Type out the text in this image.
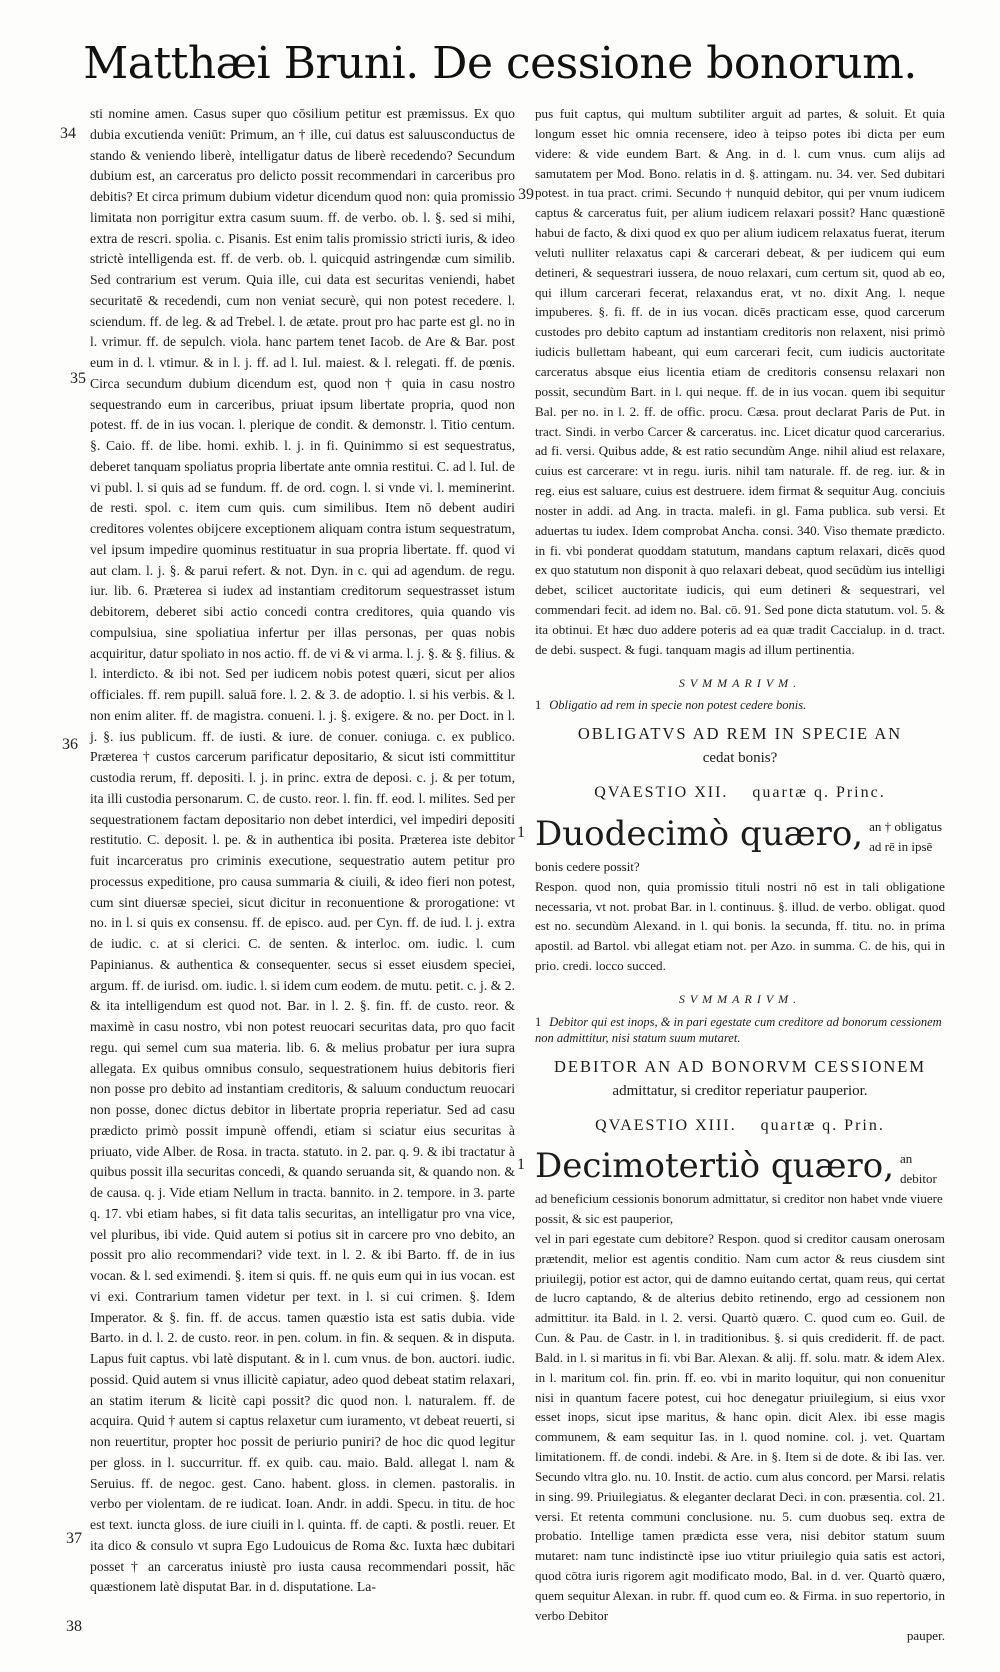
Matthæi Bruni. De cessione bonorum.
34
35
36
37
38

sti nomine amen. Casus super quo cōsilium petitur est præmissus. Ex quo dubia excutienda veniūt: Primum, an † ille, cui datus est saluusconductus de stando & veniendo liberè, intelligatur datus de liberè recedendo? Secundum dubium est, an carceratus pro delicto possit recommendari in carceribus pro debitis? Et circa primum dubium videtur dicendum quod non: quia promissio limitata non porrigitur extra casum suum. ff. de verbo. ob. l. §. sed si mihi, extra de rescri. spolia. c. Pisanis. Est enim talis promissio stricti iuris, & ideo strictè intelligenda est. ff. de verb. ob. l. quicquid astringendæ cum similib. Sed contrarium est verum. Quia ille, cui data est securitas veniendi, habet securitatē & recedendi, cum non veniat securè, qui non potest recedere. l. sciendum. ff. de leg. & ad Trebel. l. de ætate. prout pro hac parte est gl. no in l. vrimur. ff. de sepulch. viola. hanc partem tenet Iacob. de Are & Bar. post eum in d. l. vtimur. & in l. j. ff. ad l. Iul. maiest. & l. relegati. ff. de pœnis. Circa secundum dubium dicendum est, quod non † quia in casu nostro sequestrando eum in carceribus, priuat ipsum libertate propria, quod non potest. ff. de in ius vocan. l. plerique de condit. & demonstr. l. Titio centum. §. Caio. ff. de libe. homi. exhib. l. j. in fi. Quinimmo si est sequestratus, deberet tanquam spoliatus propria libertate ante omnia restitui. C. ad l. Iul. de vi publ. l. si quis ad se fundum. ff. de ord. cogn. l. si vnde vi. l. meminerint. de resti. spol. c. item cum quis. cum similibus. Item nō debent audiri creditores volentes obijcere exceptionem aliquam contra istum sequestratum, vel ipsum impedire quominus restituatur in sua propria libertate. ff. quod vi aut clam. l. j. §. & parui refert. & not. Dyn. in c. qui ad agendum. de regu. iur. lib. 6. Præterea si iudex ad instantiam creditorum sequestrasset istum debitorem, deberet sibi actio concedi contra creditores, quia quando vis compulsiua, sine spoliatiua infertur per illas personas, per quas nobis acquiritur, datur spoliato in nos actio. ff. de vi & vi arma. l. j. §. & §. filius. & l. interdicto. & ibi not. Sed per iudicem nobis potest quæri, sicut per alios officiales. ff. rem pupill. saluā fore. l. 2. & 3. de adoptio. l. si his verbis. & l. non enim aliter. ff. de magistra. conueni. l. j. §. exigere. & no. per Doct. in l. j. §. ius publicum. ff. de iusti. & iure. de conuer. coniuga. c. ex publico. Præterea † custos carcerum parificatur depositario, & sicut isti committitur custodia rerum, ff. depositi. l. j. in princ. extra de deposi. c. j. & per totum, ita illi custodia personarum. C. de custo. reor. l. fin. ff. eod. l. milites. Sed per sequestrationem factam depositario non debet interdici, vel impediri depositi restitutio. C. deposit. l. pe. & in authentica ibi posita. Præterea iste debitor fuit incarceratus pro criminis executione, sequestratio autem petitur pro processus expeditione, pro causa summaria & ciuili, & ideo fieri non potest, cum sint diuersæ speciei, sicut dicitur in reconuentione & prorogatione: vt no. in l. si quis ex consensu. ff. de episco. aud. per Cyn. ff. de iud. l. j. extra de iudic. c. at si clerici. C. de senten. & interloc. om. iudic. l. cum Papinianus. & authentica & consequenter. secus si esset eiusdem speciei, argum. ff. de iurisd. om. iudic. l. si idem cum eodem. de mutu. petit. c. j. & 2. & ita intelligendum est quod not. Bar. in l. 2. §. fin. ff. de custo. reor. & maximè in casu nostro, vbi non potest reuocari securitas data, pro quo facit regu. qui semel cum sua materia. lib. 6. & melius probatur per iura supra allegata. Ex quibus omnibus consulo, sequestrationem huius debitoris fieri non posse pro debito ad instantiam creditoris, & saluum conductum reuocari non posse, donec dictus debitor in libertate propria reperiatur. Sed ad casu prædicto primò possit impunè offendi, etiam si sciatur eius securitas à priuato, vide Alber. de Rosa. in tracta. statuto. in 2. par. q. 9. & ibi tractatur à quibus possit illa securitas concedi, & quando seruanda sit, & quando non. & de causa. q. j. Vide etiam Nellum in tracta. bannito. in 2. tempore. in 3. parte q. 17. vbi etiam habes, si fit data talis securitas, an intelligatur pro vna vice, vel pluribus, ibi vide. Quid autem si potius sit in carcere pro vno debito, an possit pro alio recommendari? vide text. in l. 2. & ibi Barto. ff. de in ius vocan. & l. sed eximendi. §. item si quis. ff. ne quis eum qui in ius vocan. est vi exi. Contrarium tamen videtur per text. in l. si cui crimen. §. Idem Imperator. & §. fin. ff. de accus. tamen quæstio ista est satis dubia. vide Barto. in d. l. 2. de custo. reor. in pen. colum. in fin. & sequen. & in disputa. Lapus fuit captus. vbi latè disputant. & in l. cum vnus. de bon. auctori. iudic. possid. Quid autem si vnus illicitè capiatur, adeo quod debeat statim relaxari, an statim iterum & licitè capi possit? dic quod non. l. naturalem. ff. de acquira. Quid † autem si captus relaxetur cum iuramento, vt debeat reuerti, si non reuertitur, propter hoc possit de periurio puniri? de hoc dic quod legitur per gloss. in l. succurritur. ff. ex quib. cau. maio. Bald. allegat l. nam & Seruius. ff. de negoc. gest. Cano. habent. gloss. in clemen. pastoralis. in verbo per violentam. de re iudicat. Ioan. Andr. in addi. Specu. in titu. de hoc est text. iuncta gloss. de iure ciuili in l. quinta. ff. de capti. & postli. reuer. Et ita dico & consulo vt supra Ego Ludouicus de Roma &c. Iuxta hæc dubitari posset † an carceratus iniustè pro iusta causa recommendari possit, hāc quæstionem latè disputat Bar. in d. disputatione. La-

39

pus fuit captus, qui multum subtiliter arguit ad partes, & soluit. Et quia longum esset hic omnia recensere, ideo à teipso potes ibi dicta per eum videre: & vide eundem Bart. & Ang. in d. l. cum vnus. cum alijs ad samutatem per Mod. Bono. relatis in d. §. attingam. nu. 34. ver. Sed dubitari potest. in tua pract. crimi. Secundo † nunquid debitor, qui per vnum iudicem captus & carceratus fuit, per alium iudicem relaxari possit? Hanc quæstionē habui de facto, & dixi quod ex quo per alium iudicem relaxatus fuerat, iterum veluti nulliter relaxatus capi & carcerari debeat, & per iudicem qui eum detineri, & sequestrari iussera, de nouo relaxari, cum certum sit, quod ab eo, qui illum carcerari fecerat, relaxandus erat, vt no. dixit Ang. l. neque impuberes. §. fi. ff. de in ius vocan. dicēs practicam esse, quod carcerum custodes pro debito captum ad instantiam creditoris non relaxent, nisi primò iudicis bullettam habeant, qui eum carcerari fecit, cum iudicis auctoritate carceratus absque eius licentia etiam de creditoris consensu relaxari non possit, secundùm Bart. in l. qui neque. ff. de in ius vocan. quem ibi sequitur Bal. per no. in l. 2. ff. de offic. procu. Cæsa. prout declarat Paris de Put. in tract. Sindi. in verbo Carcer & carceratus. inc. Licet dicatur quod carcerarius. ad fi. versi. Quibus adde, & est ratio secundùm Ange. nihil aliud est relaxare, cuius est carcerare: vt in regu. iuris. nihil tam naturale. ff. de reg. iur. & in reg. eius est saluare, cuius est destruere. idem firmat & sequitur Aug. conciuis noster in addi. ad Ang. in tracta. malefi. in gl. Fama publica. sub versi. Et aduertas tu iudex. Idem comprobat Ancha. consi. 340. Viso themate prædicto. in fi. vbi ponderat quoddam statutum, mandans captum relaxari, dicēs quod ex quo statutum non disponit à quo relaxari debeat, quod secūdùm ius intelligi debet, scilicet auctoritate iudicis, qui eum detineri & sequestrari, vel commendari fecit. ad idem no. Bal. cō. 91. Sed pone dicta statutum. vol. 5. & ita obtinui. Et hæc duo addere poteris ad ea quæ tradit Caccialup. in d. tract. de debi. suspect. & fugi. tanquam magis ad illum pertinentia.

SVMMARIVM.
1 Obligatio ad rem in specie non potest cedere bonis.
OBLIGATVS AD REM IN SPECIE AN
cedat bonis?
QVAESTIO XII. quartæ q. Princ.
1 Duodecimò quæro, an † obligatus ad rē in ipsē bonis cedere possit?

Respon. quod non, quia promissio tituli nostri nō est in tali obligatione necessaria, vt not. probat Bar. in l. continuus. §. illud. de verbo. obligat. quod est no. secundùm Alexand. in l. qui bonis. la secunda, ff. titu. no. in prima apostil. ad Bartol. vbi allegat etiam not. per Azo. in summa. C. de his, qui in prio. credi. locco succed.

SVMMARIVM.
1 Debitor qui est inops, & in pari egestate cum creditore ad bonorum cessionem non admittitur, nisi statum suum mutaret.
DEBITOR AN AD BONORVM CESSIONEM
admittatur, si creditor reperiatur pauperior.
QVAESTIO XIII. quartæ q. Prin.
1 Decimotertiò quæro, an debitor ad beneficium cessionis bonorum admittatur, si creditor non habet vnde viuere possit, & sic est pauperior,

vel in pari egestate cum debitore? Respon. quod si creditor causam onerosam prætendit, melior est agentis conditio. Nam cum actor & reus ciusdem sint priuilegij, potior est actor, qui de damno euitando certat, quam reus, qui certat de lucro captando, & de alterius debito retinendo, ergo ad cessionem non admittitur. ita Bald. in l. 2. versi. Quartò quæro. C. quod cum eo. Guil. de Cun. & Pau. de Castr. in l. in traditionibus. §. si quis crediderit. ff. de pact. Bald. in l. si maritus in fi. vbi Bar. Alexan. & alij. ff. solu. matr. & idem Alex. in l. maritum col. fin. prin. ff. eo. vbi in marito loquitur, qui non conuenitur nisi in quantum facere potest, cui hoc denegatur priuilegium, si eius vxor esset inops, sicut ipse maritus, & hanc opin. dicit Alex. ibi esse magis communem, & eam sequitur Ias. in l. quod nomine. col. j. vet. Quartam limitationem. ff. de condi. indebi. & Are. in §. Item si de dote. & ibi Ias. ver. Secundo vltra glo. nu. 10. Instit. de actio. cum alus concord. per Marsi. relatis in sing. 99. Priuilegiatus. & eleganter declarat Deci. in con. præsentia. col. 21. versi. Et retenta communi conclusione. nu. 5. cum duobus seq. extra de probatio. Intellige tamen prædicta esse vera, nisi debitor statum suum mutaret: nam tunc indistinctè ipse iuo vtitur priuilegio quia satis est actori, quod cōtra iuris rigorem agit modificato modo, Bal. in d. ver. Quartò quæro, quem sequitur Alexan. in rubr. ff. quod cum eo. & Firma. in suo repertorio, in verbo Debitor

pauper.
